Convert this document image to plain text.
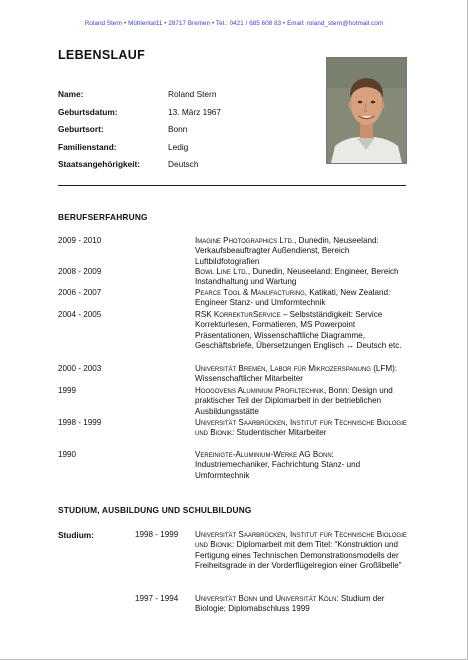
Roland Stern • Mühlental11 • 28717 Bremen • Tel.: 0421 / 685 608 83 • Email: roland_stern@hotmail.com
LEBENSLAUF
Name:	Roland Stern
Geburtsdatum:	13. März 1967
Geburtsort:	Bonn
Familienstand:	Ledig
Staatsangehörigkeit:	Deutsch
BERUFSERFAHRUNG
2009 - 2010	Imagine Photographics Ltd., Dunedin, Neuseeland: Verkaufsbeauftragter Außendienst, Bereich Luftbildfotografien
2008 - 2009	Bowl Line Ltd., Dunedin, Neuseeland: Engineer, Bereich Instandhaltung und Wartung
2006 - 2007	Pearce Tool & Manufacturing, Katikati, New Zealand: Engineer Stanz- und Umformtechnik
2004 - 2005	RSK KorrekturService – Selbstständigkeit: Service Korrekturlesen, Formatieren, MS Powerpoint Präsentationen, Wissenschaftliche Diagramme, Geschäftsbriefe, Übersetzungen Englisch ↔ Deutsch etc.
2000 - 2003	Universität Bremen, Labor für Mikrozerspanung (LFM): Wissenschaftlicher Mitarbeiter
1999	Hoogovens Aluminium Profiltechnik, Bonn: Design und praktischer Teil der Diplomarbeit in der betrieblichen Ausbildungsstätte
1998 - 1999	Universität Saarbrücken, Institut für Technische Biologie und Bionik: Studentischer Mitarbeiter
1990	Vereinigte-Aluminium-Werke AG Bonn: Industriemechaniker, Fachrichtung Stanz- und Umformtechnik
STUDIUM, AUSBILDUNG UND SCHULBILDUNG
Studium:	1998 - 1999 Universität Saarbrücken, Institut für Technische Biologie und Bionik: Diplomarbeit mit dem Titel: “Konstruktion und Fertigung eines Technischen Demonstrationsmodells der Freiheitsgrade in der Vorderflügelregion einer Großlibelle”
1997 - 1994 Universität Bonn und Universität Köln: Studium der Biologie; Diplomabschluss 1999
